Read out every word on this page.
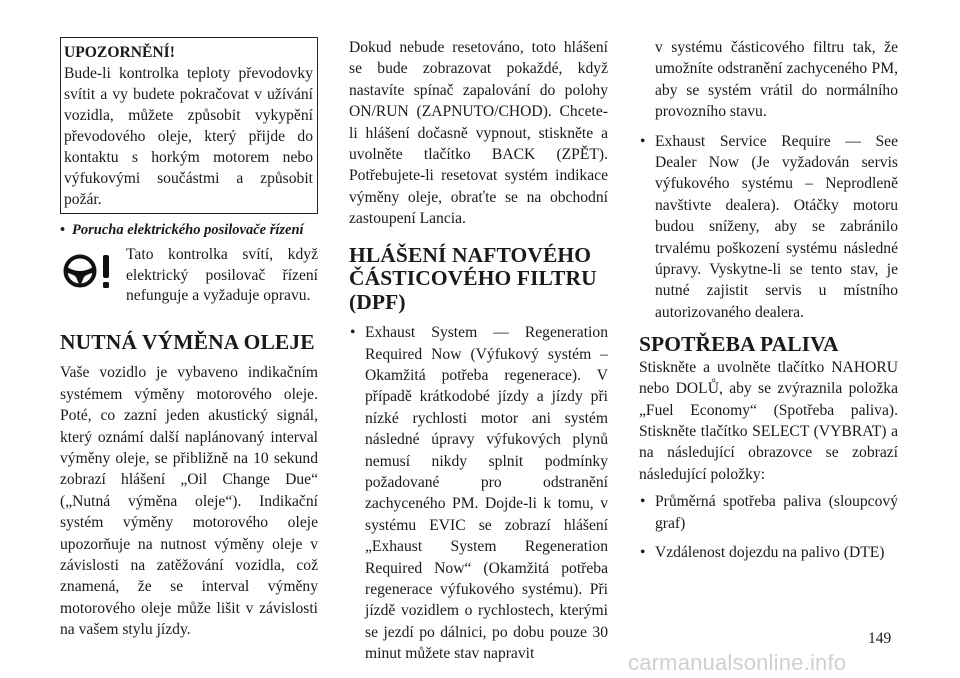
UPOZORNĚNÍ!
Bude-li kontrolka teploty převodovky svítit a vy budete pokračovat v užívání vozidla, můžete způsobit vykypění převodového oleje, který přijde do kontaktu s horkým motorem nebo výfukovými součástmi a způsobit požár.
• Porucha elektrického posilovače řízení
Tato kontrolka svítí, když elektrický posilovač řízení nefunguje a vyžaduje opravu.
NUTNÁ VÝMĚNA OLEJE

Vaše vozidlo je vybaveno indikačním systémem výměny motorového oleje. Poté, co zazní jeden akustický signál, který oznámí další naplánovaný interval výměny oleje, se přibližně na 10 sekund zobrazí hlášení „Oil Change Due“ („Nutná výměna oleje“). Indikační systém výměny motorového oleje upozorňuje na nutnost výměny oleje v závislosti na zatěžování vozidla, což znamená, že se interval výměny motorového oleje může lišit v závislosti na vašem stylu jízdy.

Dokud nebude resetováno, toto hlášení se bude zobrazovat pokaždé, když nastavíte spínač zapalování do polohy ON/RUN (ZAPNUTO/CHOD). Chcete-li hlášení dočasně vypnout, stiskněte a uvolněte tlačítko BACK (ZPĚT). Potřebujete-li resetovat systém indikace výměny oleje, obraťte se na obchodní zastoupení Lancia.

HLÁŠENÍ NAFTOVÉHO ČÁSTICOVÉHO FILTRU (DPF)
• Exhaust System — Regeneration Required Now (Výfukový systém – Okamžitá potřeba regenerace). V případě krátkodobé jízdy a jízdy při nízké rychlosti motor ani systém následné úpravy výfukových plynů nemusí nikdy splnit podmínky požadované pro odstranění zachyceného PM. Dojde-li k tomu, v systému EVIC se zobrazí hlášení „Exhaust System Regeneration Required Now“ (Okamžitá potřeba regenerace výfukového systému). Při jízdě vozidlem o rychlostech, kterými se jezdí po dálnici, po dobu pouze 30 minut můžete stav napravit

v systému částicového filtru tak, že umožníte odstranění zachyceného PM, aby se systém vrátil do normálního provozního stavu.

• Exhaust Service Require — See Dealer Now (Je vyžadován servis výfukového systému – Neprodleně navštivte dealera). Otáčky motoru budou sníženy, aby se zabránilo trvalému poškození systému následné úpravy. Vyskytne-li se tento stav, je nutné zajistit servis u místního autorizovaného dealera.
SPOTŘEBA PALIVA

Stiskněte a uvolněte tlačítko NAHORU nebo DOLŮ, aby se zvýraznila položka „Fuel Economy“ (Spotřeba paliva). Stiskněte tlačítko SELECT (VYBRAT) a na následující obrazovce se zobrazí následující položky:

• Průměrná spotřeba paliva (sloupcový graf)
• Vzdálenost dojezdu na palivo (DTE)
149
carmanualsonline.info
